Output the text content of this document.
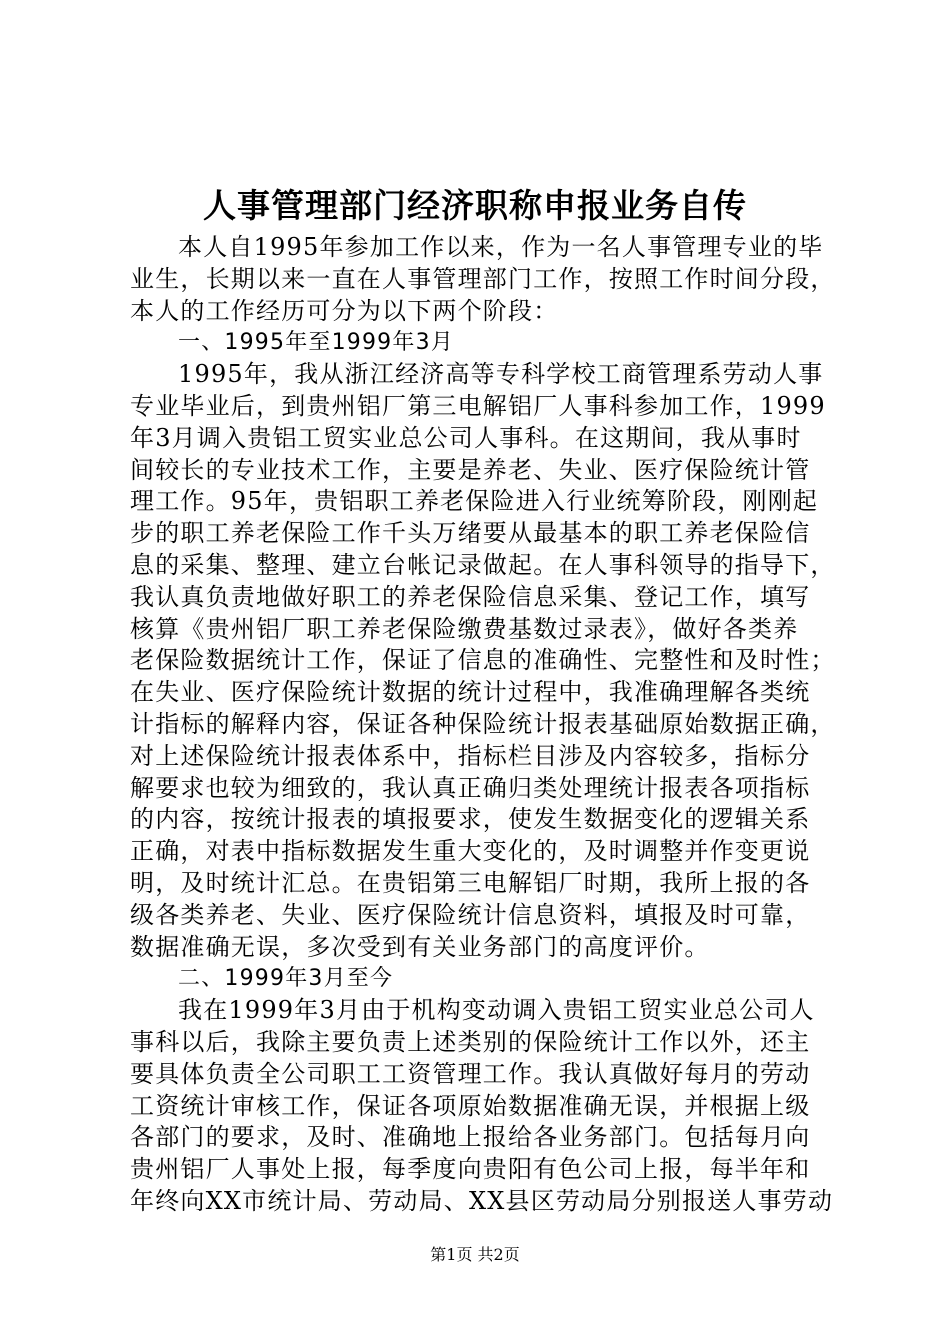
人事管理部门经济职称申报业务自传
本人自1995年参加工作以来，作为一名人事管理专业的毕
业生，长期以来一直在人事管理部门工作，按照工作时间分段，
本人的工作经历可分为以下两个阶段：
一、1995年至1999年3月
1995年，我从浙江经济高等专科学校工商管理系劳动人事
专业毕业后，到贵州铝厂第三电解铝厂人事科参加工作，1999
年3月调入贵铝工贸实业总公司人事科。在这期间，我从事时
间较长的专业技术工作，主要是养老、失业、医疗保险统计管
理工作。95年，贵铝职工养老保险进入行业统筹阶段，刚刚起
步的职工养老保险工作千头万绪要从最基本的职工养老保险信
息的采集、整理、建立台帐记录做起。在人事科领导的指导下，
我认真负责地做好职工的养老保险信息采集、登记工作，填写
核算《贵州铝厂职工养老保险缴费基数过录表》，做好各类养
老保险数据统计工作，保证了信息的准确性、完整性和及时性；
在失业、医疗保险统计数据的统计过程中，我准确理解各类统
计指标的解释内容，保证各种保险统计报表基础原始数据正确，
对上述保险统计报表体系中，指标栏目涉及内容较多，指标分
解要求也较为细致的，我认真正确归类处理统计报表各项指标
的内容，按统计报表的填报要求，使发生数据变化的逻辑关系
正确，对表中指标数据发生重大变化的，及时调整并作变更说
明，及时统计汇总。在贵铝第三电解铝厂时期，我所上报的各
级各类养老、失业、医疗保险统计信息资料，填报及时可靠，
数据准确无误，多次受到有关业务部门的高度评价。
二、1999年3月至今
我在1999年3月由于机构变动调入贵铝工贸实业总公司人
事科以后，我除主要负责上述类别的保险统计工作以外，还主
要具体负责全公司职工工资管理工作。我认真做好每月的劳动
工资统计审核工作，保证各项原始数据准确无误，并根据上级
各部门的要求，及时、准确地上报给各业务部门。包括每月向
贵州铝厂人事处上报，每季度向贵阳有色公司上报，每半年和
年终向XX市统计局、劳动局、XX县区劳动局分别报送人事劳动
第1页 共2页
